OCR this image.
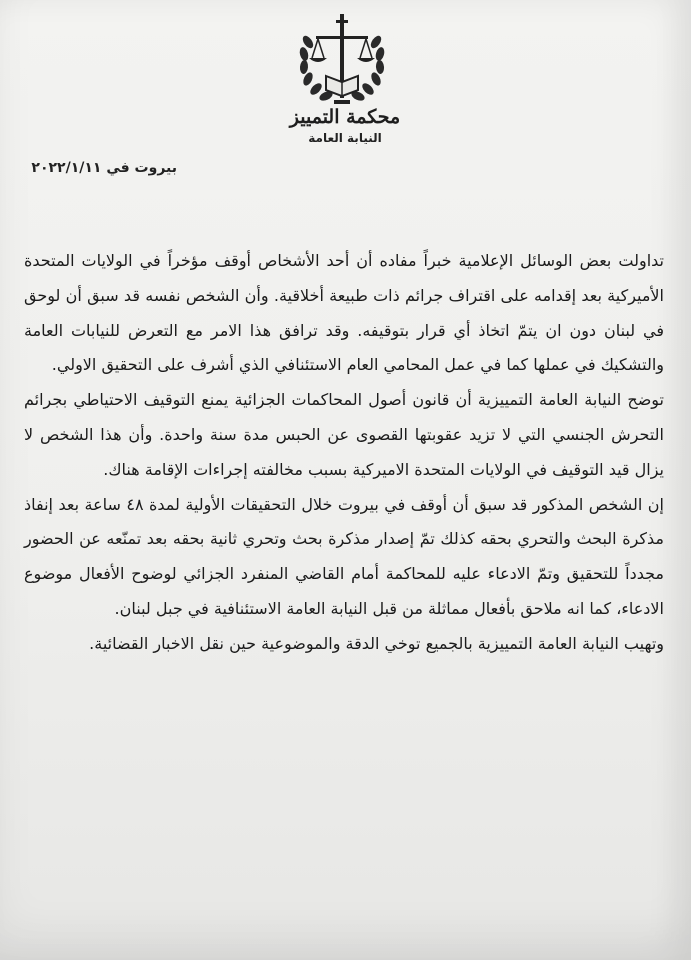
محكمة التمييز
النيابة العامة
بيروت في ٢٠٢٢/١/١١
تداولت بعض الوسائل الإعلامية خبراً مفاده أن أحد الأشخاص أوقف مؤخراً في الولايات المتحدة
الأميركية بعد إقدامه على اقتراف جرائم ذات طبيعة أخلاقية. وأن الشخص نفسه قد سبق أن لوحق
في لبنان دون ان يتمّ اتخاذ أي قرار بتوقيفه. وقد ترافق هذا الامر مع التعرض للنيابات العامة
والتشكيك في عملها كما في عمل المحامي العام الاستئنافي الذي أشرف على التحقيق الاولي.
توضح النيابة العامة التمييزية أن قانون أصول المحاكمات الجزائية يمنع التوقيف الاحتياطي بجرائم
التحرش الجنسي التي لا تزيد عقوبتها القصوى عن الحبس مدة سنة واحدة. وأن هذا الشخص لا
يزال قيد التوقيف في الولايات المتحدة الاميركية بسبب مخالفته إجراءات الإقامة هناك.
إن الشخص المذكور قد سبق أن أوقف في بيروت خلال التحقيقات الأولية لمدة ٤٨ ساعة بعد إنفاذ
مذكرة البحث والتحري بحقه كذلك تمّ إصدار مذكرة بحث وتحري ثانية بحقه بعد تمنّعه عن الحضور
مجدداً للتحقيق وتمّ الادعاء عليه للمحاكمة أمام القاضي المنفرد الجزائي لوضوح الأفعال موضوع
الادعاء، كما انه ملاحق بأفعال مماثلة من قبل النيابة العامة الاستئنافية في جبل لبنان.
وتهيب النيابة العامة التمييزية بالجميع توخي الدقة والموضوعية حين نقل الاخبار القضائية.
